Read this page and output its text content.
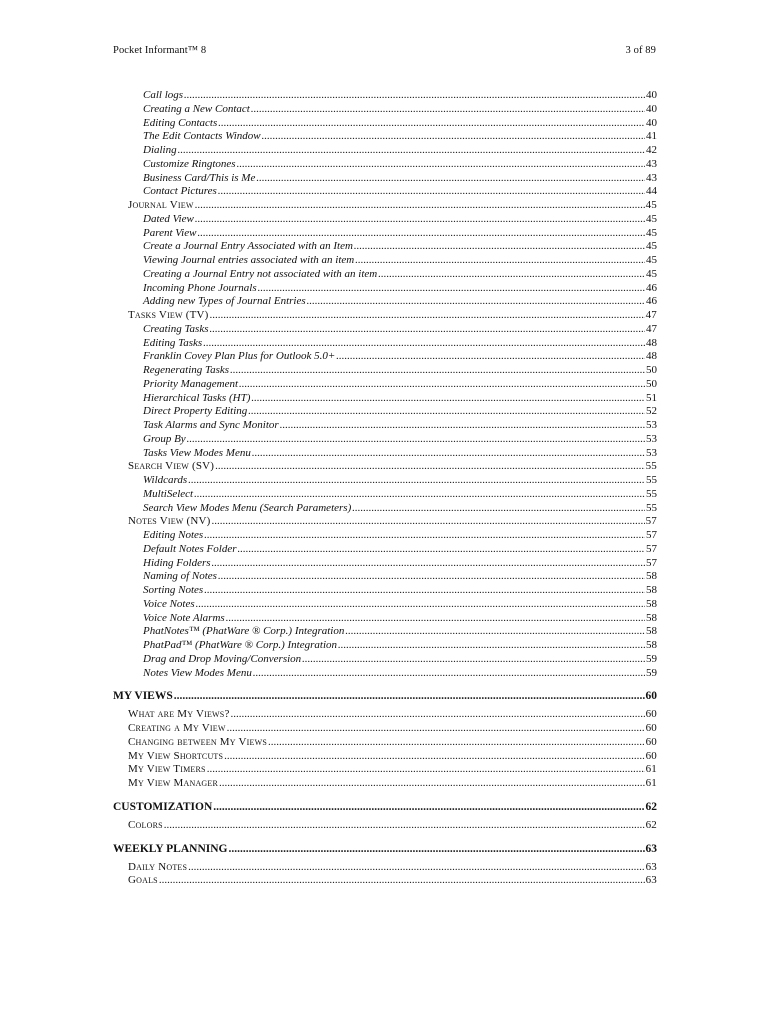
Pocket Informant™ 8	3 of 89
Call logs .....	40
Creating a New Contact .....	40
Editing Contacts .....	40
The Edit Contacts Window .....	41
Dialing .....	42
Customize Ringtones .....	43
Business Card/This is Me .....	43
Contact Pictures .....	44
Journal View .....	45
Dated View .....	45
Parent View .....	45
Create a Journal Entry Associated with an Item .....	45
Viewing Journal entries associated with an item .....	45
Creating a Journal Entry not associated with an item .....	45
Incoming Phone Journals .....	46
Adding new Types of Journal Entries .....	46
Tasks View (TV) .....	47
Creating Tasks .....	47
Editing Tasks .....	48
Franklin Covey Plan Plus for Outlook 5.0+ .....	48
Regenerating Tasks .....	50
Priority Management .....	50
Hierarchical Tasks (HT) .....	51
Direct Property Editing .....	52
Task Alarms and Sync Monitor .....	53
Group By .....	53
Tasks View Modes Menu .....	53
Search View (SV) .....	55
Wildcards .....	55
MultiSelect .....	55
Search View Modes Menu (Search Parameters) .....	55
Notes View (NV) .....	57
Editing Notes .....	57
Default Notes Folder .....	57
Hiding Folders .....	57
Naming of Notes .....	58
Sorting Notes .....	58
Voice Notes .....	58
Voice Note Alarms .....	58
PhatNotes™ (PhatWare ® Corp.) Integration .....	58
PhatPad™ (PhatWare ® Corp.) Integration .....	58
Drag and Drop Moving/Conversion .....	59
Notes View Modes Menu .....	59
MY VIEWS .....	60
What are My Views? .....	60
Creating a My View .....	60
Changing between My Views .....	60
My View Shortcuts .....	60
My View Timers .....	61
My View Manager .....	61
CUSTOMIZATION .....	62
Colors .....	62
WEEKLY PLANNING .....	63
Daily Notes .....	63
Goals .....	63
